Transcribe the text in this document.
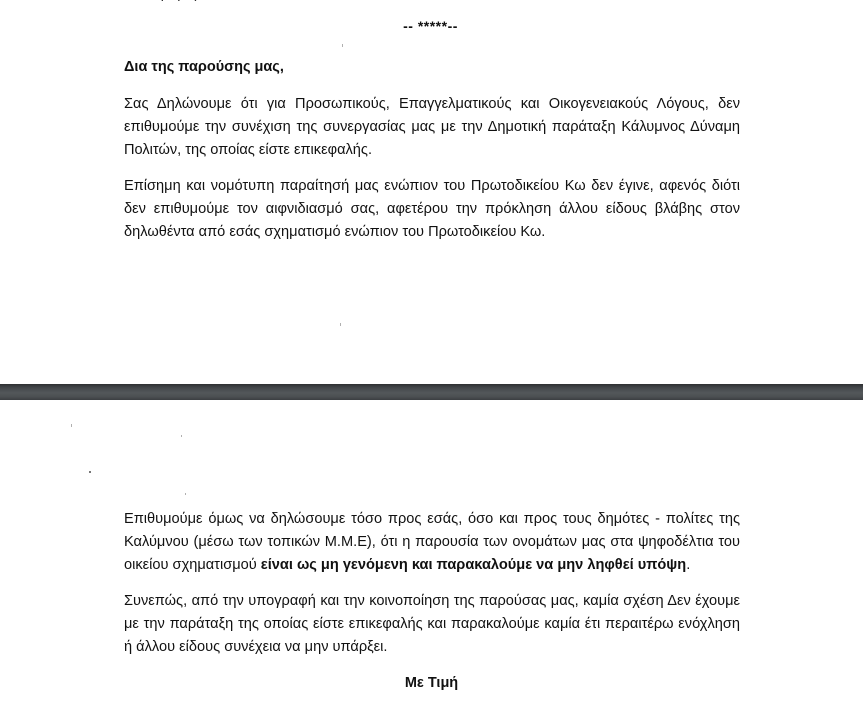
-- *****--
Δια της παρούσης μας,

Σας Δηλώνουμε ότι για Προσωπικούς, Επαγγελματικούς και Οικογενειακούς Λόγους, δεν επιθυμούμε την συνέχιση της συνεργασίας μας με την Δημοτική παράταξη Κάλυμνος Δύναμη Πολιτών, της οποίας είστε επικεφαλής.

Επίσημη και νομότυπη παραίτησή μας ενώπιον του Πρωτοδικείου Κω δεν έγινε, αφενός διότι δεν επιθυμούμε τον αιφνιδιασμό σας, αφετέρου την πρόκληση άλλου είδους βλάβης στον δηλωθέντα από εσάς σχηματισμό ενώπιον του Πρωτοδικείου Κω.

Επιθυμούμε όμως να δηλώσουμε τόσο προς εσάς, όσο και προς τους δημότες - πολίτες της Καλύμνου (μέσω των τοπικών Μ.Μ.Ε), ότι η παρουσία των ονομάτων μας στα ψηφοδέλτια του οικείου σχηματισμού είναι ως μη γενόμενη και παρακαλούμε να μην ληφθεί υπόψη.

Συνεπώς, από την υπογραφή και την κοινοποίηση της παρούσας μας, καμία σχέση Δεν έχουμε με την παράταξη της οποίας είστε επικεφαλής και παρακαλούμε καμία έτι περαιτέρω ενόχληση ή άλλου είδους συνέχεια να μην υπάρξει.

Με Τιμή
